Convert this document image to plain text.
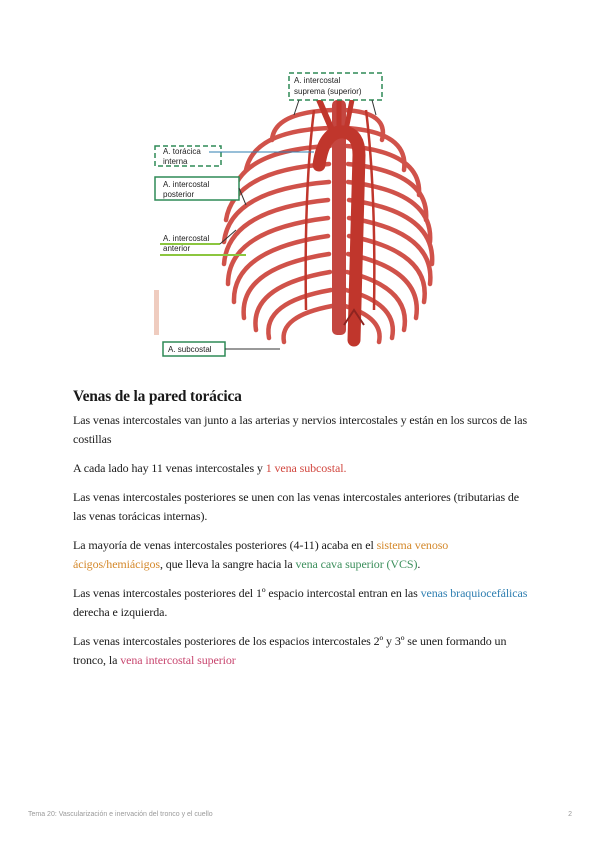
A. intercostal
suprema (superior)
A. torácica
interna
A. intercostal
posterior
A. intercostal
anterior
A. subcostal
Venas de la pared torácica

Las venas intercostales van junto a las arterias y nervios intercostales y están en los surcos de las costillas

A cada lado hay 11 venas intercostales y 1 vena subcostal.

Las venas intercostales posteriores se unen con las venas intercostales anteriores (tributarias de las venas torácicas internas).

La mayoría de venas intercostales posteriores (4-11) acaba en el sistema venoso ácigos/hemiácigos, que lleva la sangre hacia la vena cava superior (VCS).

Las venas intercostales posteriores del 1º espacio intercostal entran en las venas braquiocefálicas derecha e izquierda.

Las venas intercostales posteriores de los espacios intercostales 2º y 3º se unen formando un tronco, la vena intercostal superior

Tema 20: Vascularización e inervación del tronco y el cuello	2
